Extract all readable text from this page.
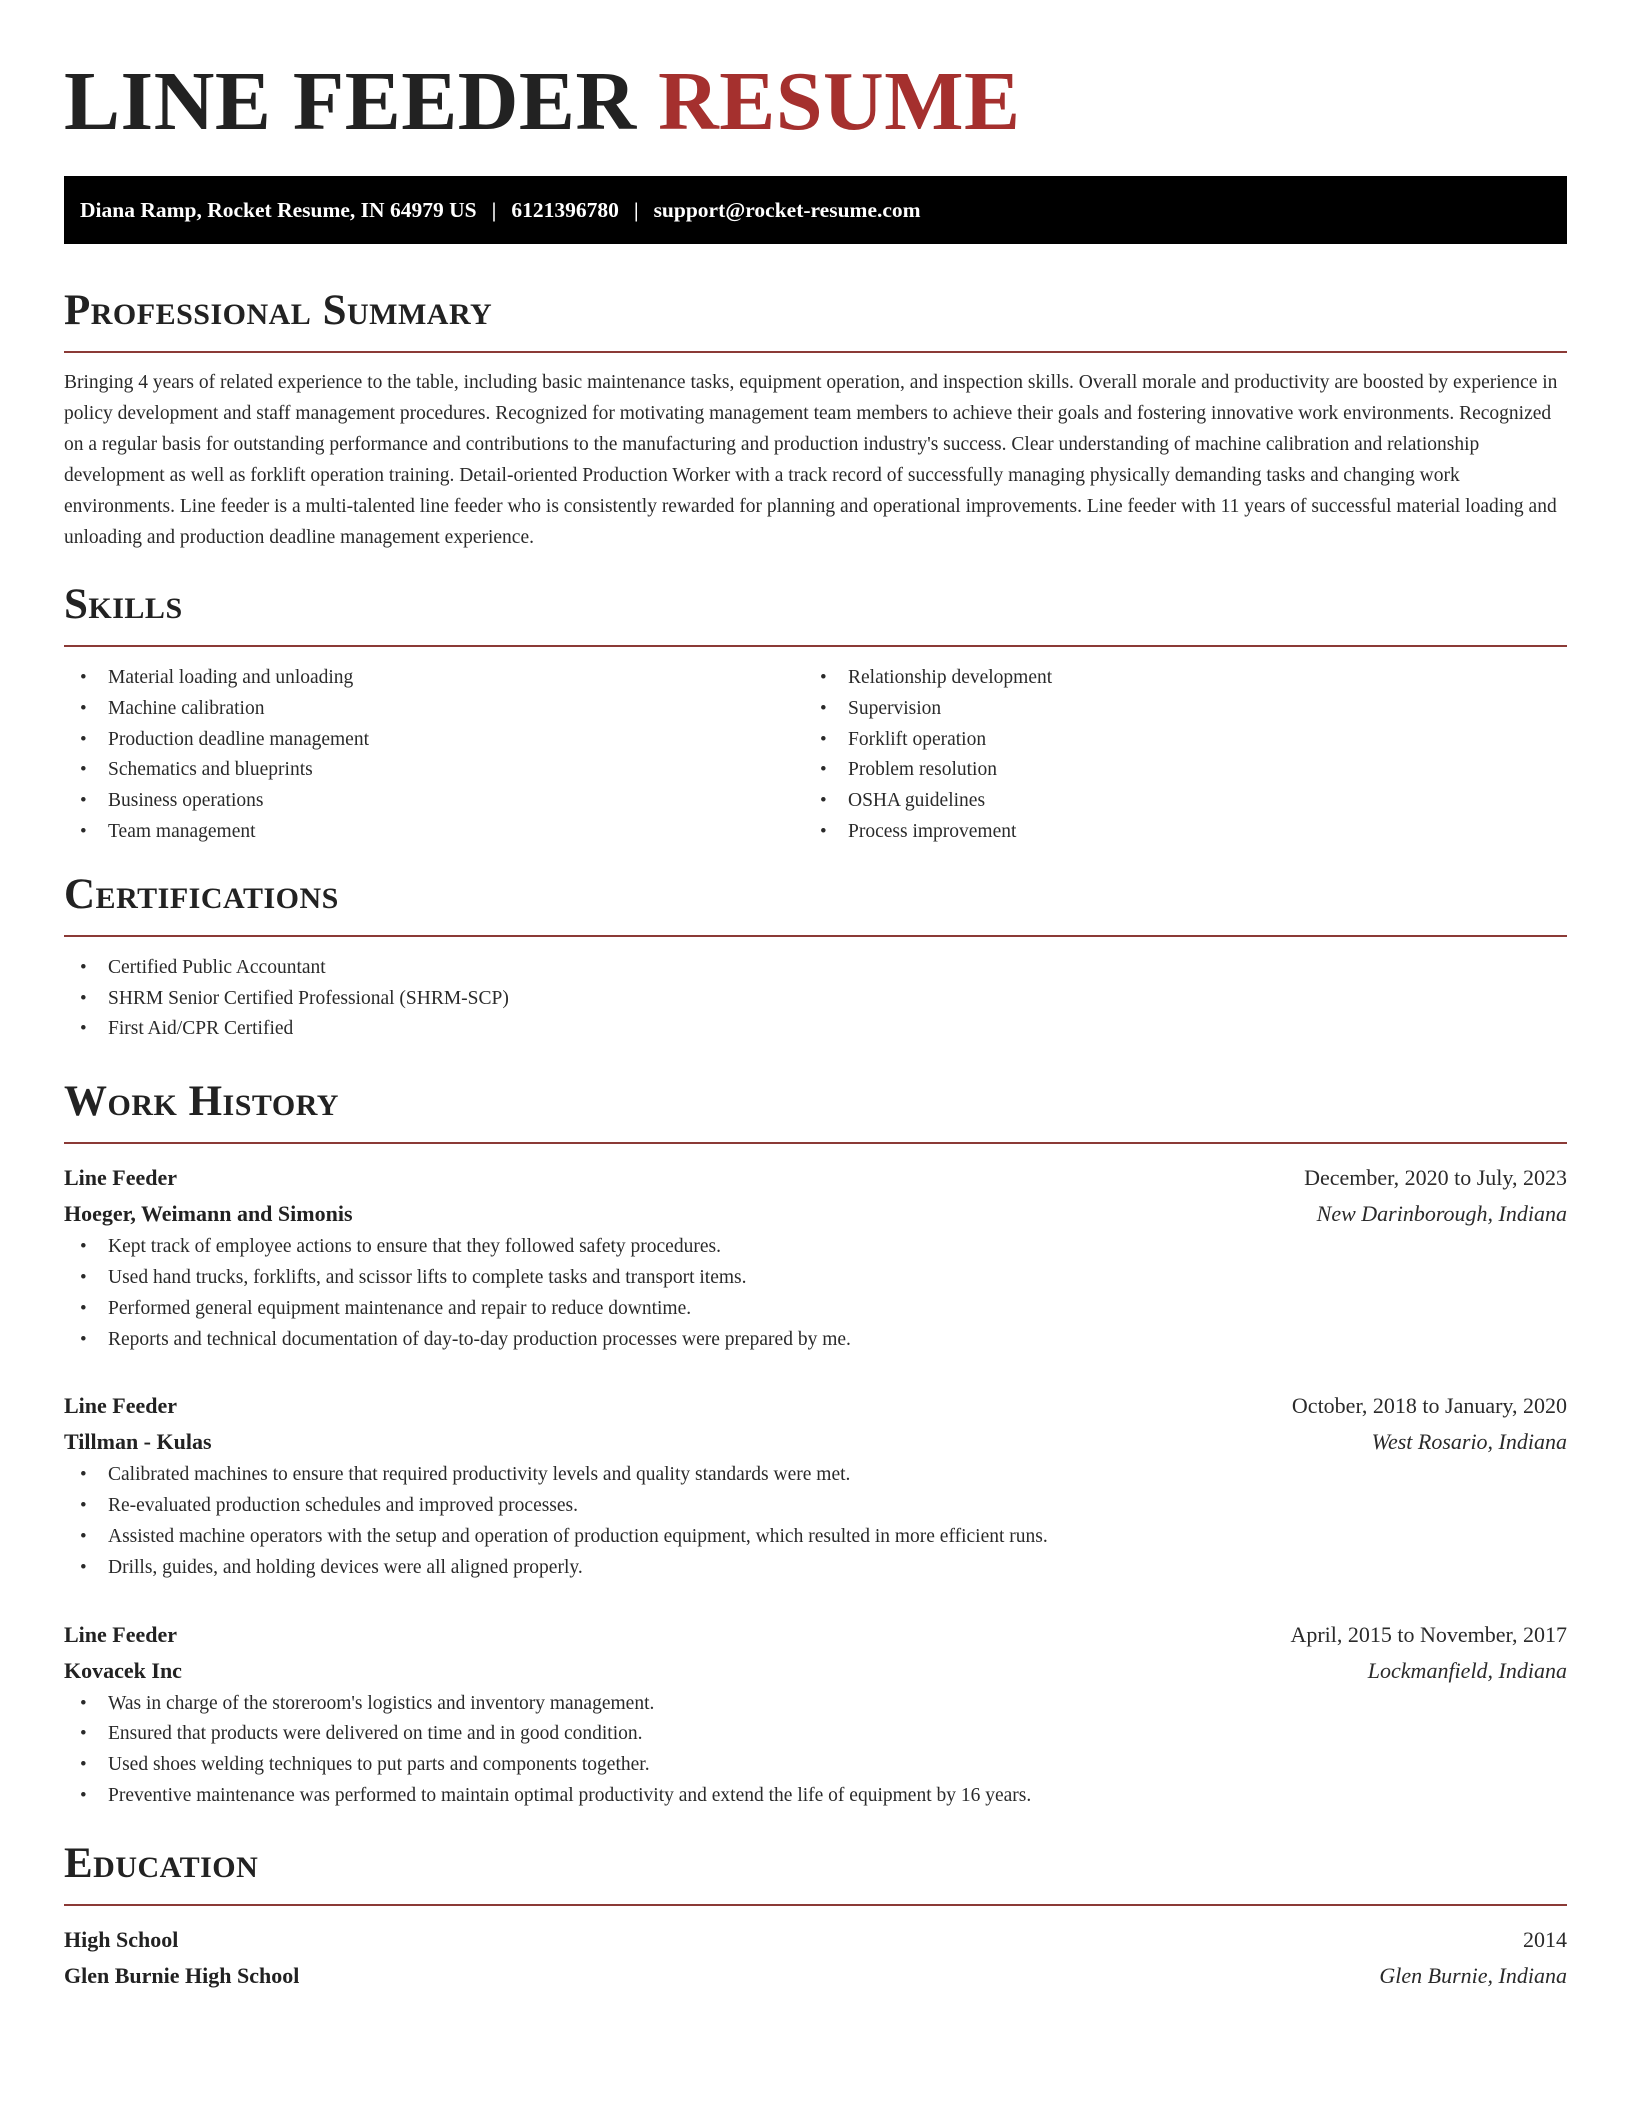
LINE FEEDER RESUME
Diana Ramp, Rocket Resume, IN 64979 US | 6121396780 | support@rocket-resume.com
Professional Summary
Bringing 4 years of related experience to the table, including basic maintenance tasks, equipment operation, and inspection skills. Overall morale and productivity are boosted by experience in policy development and staff management procedures. Recognized for motivating management team members to achieve their goals and fostering innovative work environments. Recognized on a regular basis for outstanding performance and contributions to the manufacturing and production industry's success. Clear understanding of machine calibration and relationship development as well as forklift operation training. Detail-oriented Production Worker with a track record of successfully managing physically demanding tasks and changing work environments. Line feeder is a multi-talented line feeder who is consistently rewarded for planning and operational improvements. Line feeder with 11 years of successful material loading and unloading and production deadline management experience.
Skills
• Material loading and unloading
• Machine calibration
• Production deadline management
• Schematics and blueprints
• Business operations
• Team management
• Relationship development
• Supervision
• Forklift operation
• Problem resolution
• OSHA guidelines
• Process improvement
Certifications
• Certified Public Accountant
• SHRM Senior Certified Professional (SHRM-SCP)
• First Aid/CPR Certified
Work History
Line Feeder	December, 2020 to July, 2023
Hoeger, Weimann and Simonis	New Darinborough, Indiana
• Kept track of employee actions to ensure that they followed safety procedures.
• Used hand trucks, forklifts, and scissor lifts to complete tasks and transport items.
• Performed general equipment maintenance and repair to reduce downtime.
• Reports and technical documentation of day-to-day production processes were prepared by me.
Line Feeder	October, 2018 to January, 2020
Tillman - Kulas	West Rosario, Indiana
• Calibrated machines to ensure that required productivity levels and quality standards were met.
• Re-evaluated production schedules and improved processes.
• Assisted machine operators with the setup and operation of production equipment, which resulted in more efficient runs.
• Drills, guides, and holding devices were all aligned properly.
Line Feeder	April, 2015 to November, 2017
Kovacek Inc	Lockmanfield, Indiana
• Was in charge of the storeroom's logistics and inventory management.
• Ensured that products were delivered on time and in good condition.
• Used shoes welding techniques to put parts and components together.
• Preventive maintenance was performed to maintain optimal productivity and extend the life of equipment by 16 years.
Education
High School	2014
Glen Burnie High School	Glen Burnie, Indiana
